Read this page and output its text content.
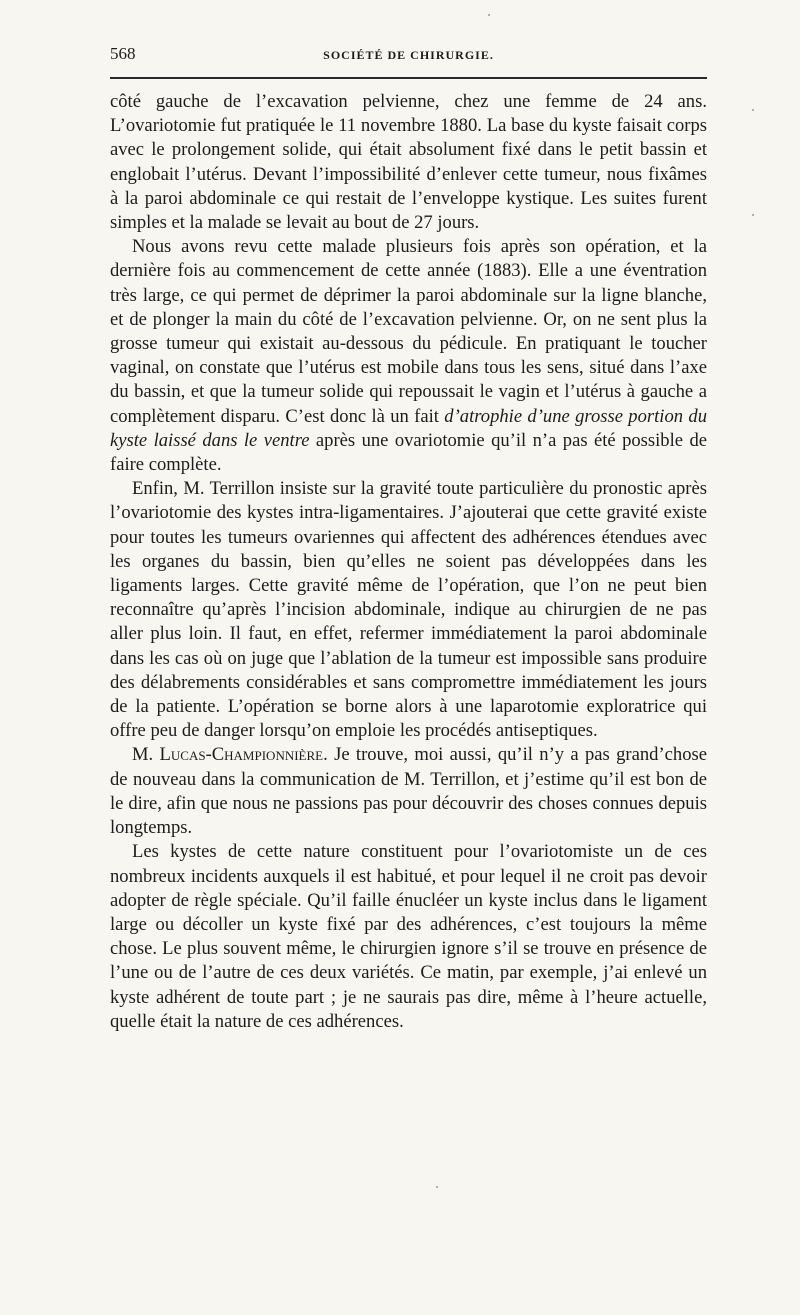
568	SOCIÉTÉ DE CHIRURGIE.

côté gauche de l’excavation pelvienne, chez une femme de 24 ans. L’ovariotomie fut pratiquée le 11 novembre 1880. La base du kyste faisait corps avec le prolongement solide, qui était absolument fixé dans le petit bassin et englobait l’utérus. Devant l’impossibilité d’enlever cette tumeur, nous fixâmes à la paroi abdominale ce qui restait de l’enveloppe kystique. Les suites furent simples et la malade se levait au bout de 27 jours.

Nous avons revu cette malade plusieurs fois après son opération, et la dernière fois au commencement de cette année (1883). Elle a une éventration très large, ce qui permet de déprimer la paroi abdominale sur la ligne blanche, et de plonger la main du côté de l’excavation pelvienne. Or, on ne sent plus la grosse tumeur qui existait au-dessous du pédicule. En pratiquant le toucher vaginal, on constate que l’utérus est mobile dans tous les sens, situé dans l’axe du bassin, et que la tumeur solide qui repoussait le vagin et l’utérus à gauche a complètement disparu. C’est donc là un fait d’atrophie d’une grosse portion du kyste laissé dans le ventre après une ovariotomie qu’il n’a pas été possible de faire complète.

Enfin, M. Terrillon insiste sur la gravité toute particulière du pronostic après l’ovariotomie des kystes intra-ligamentaires. J’ajouterai que cette gravité existe pour toutes les tumeurs ovariennes qui affectent des adhérences étendues avec les organes du bassin, bien qu’elles ne soient pas développées dans les ligaments larges. Cette gravité même de l’opération, que l’on ne peut bien reconnaître qu’après l’incision abdominale, indique au chirurgien de ne pas aller plus loin. Il faut, en effet, refermer immédiatement la paroi abdominale dans les cas où on juge que l’ablation de la tumeur est impossible sans produire des délabrements considérables et sans compromettre immédiatement les jours de la patiente. L’opération se borne alors à une laparotomie exploratrice qui offre peu de danger lorsqu’on emploie les procédés antiseptiques.

M. Lucas-Championnière. Je trouve, moi aussi, qu’il n’y a pas grand’chose de nouveau dans la communication de M. Terrillon, et j’estime qu’il est bon de le dire, afin que nous ne passions pas pour découvrir des choses connues depuis longtemps.

Les kystes de cette nature constituent pour l’ovariotomiste un de ces nombreux incidents auxquels il est habitué, et pour lequel il ne croit pas devoir adopter de règle spéciale. Qu’il faille énucléer un kyste inclus dans le ligament large ou décoller un kyste fixé par des adhérences, c’est toujours la même chose. Le plus souvent même, le chirurgien ignore s’il se trouve en présence de l’une ou de l’autre de ces deux variétés. Ce matin, par exemple, j’ai enlevé un kyste adhérent de toute part ; je ne saurais pas dire, même à l’heure actuelle, quelle était la nature de ces adhérences.
